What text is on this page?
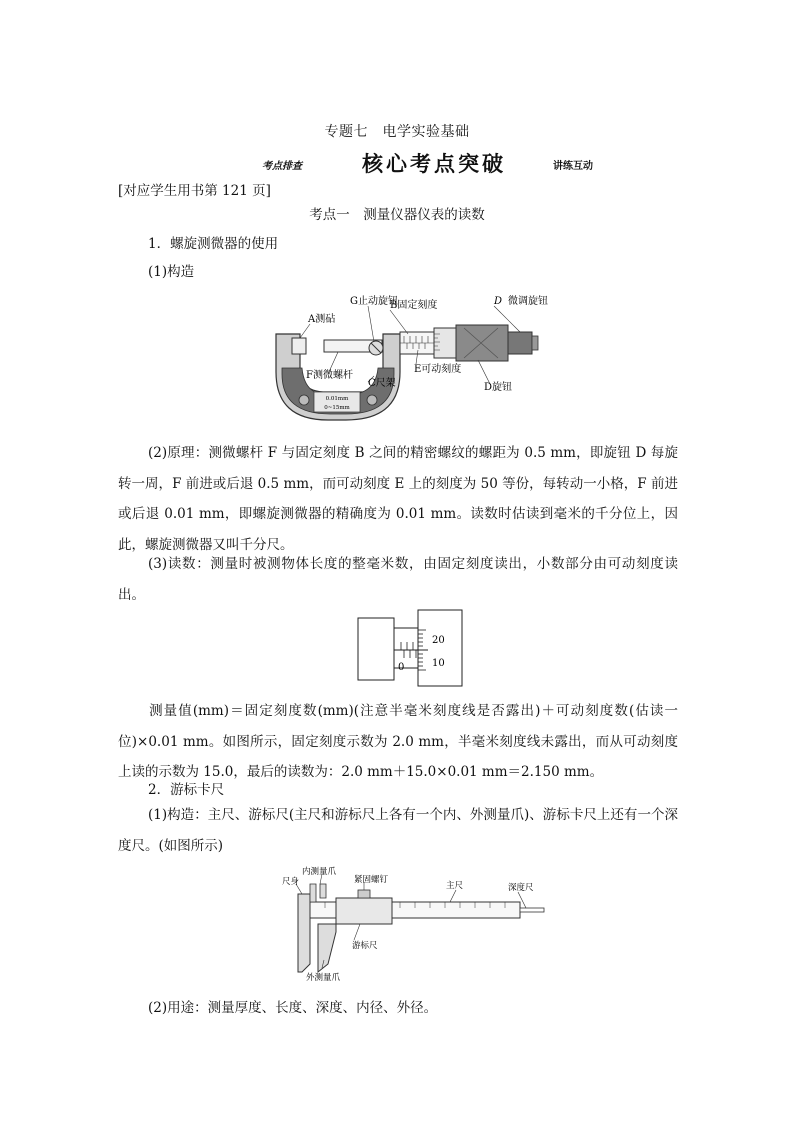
专题七　电学实验基础
考点排查	核心考点突破	讲练互动
[对应学生用书第 121 页]
考点一　测量仪器仪表的读数
1．螺旋测微器的使用
(1)构造
0.01mm
0~15mm
A测砧
G止动旋钮
B固定刻度	D 微调旋钮
F测微螺杆
C尺架
E可动刻度
D旋钮
(2)原理：测微螺杆 F 与固定刻度 B 之间的精密螺纹的螺距为 0.5 mm，即旋钮 D 每旋转一周，F 前进或后退 0.5 mm，而可动刻度 E 上的刻度为 50 等份，每转动一小格，F 前进或后退 0.01 mm，即螺旋测微器的精确度为 0.01 mm。读数时估读到毫米的千分位上，因此，螺旋测微器又叫千分尺。
(3)读数：测量时被测物体长度的整毫米数，由固定刻度读出，小数部分由可动刻度读出。
20
10
0
测量值(mm)＝固定刻度数(mm)(注意半毫米刻度线是否露出)＋可动刻度数(估读一位)×0.01 mm。如图所示，固定刻度示数为 2.0 mm，半毫米刻度线未露出，而从可动刻度上读的示数为 15.0，最后的读数为：2.0 mm＋15.0×0.01 mm＝2.150 mm。
2．游标卡尺
(1)构造：主尺、游标尺(主尺和游标尺上各有一个内、外测量爪)、游标卡尺上还有一个深度尺。(如图所示)
尺身
内测量爪
紧固螺钉
主尺	深度尺
游标尺
外测量爪
(2)用途：测量厚度、长度、深度、内径、外径。
